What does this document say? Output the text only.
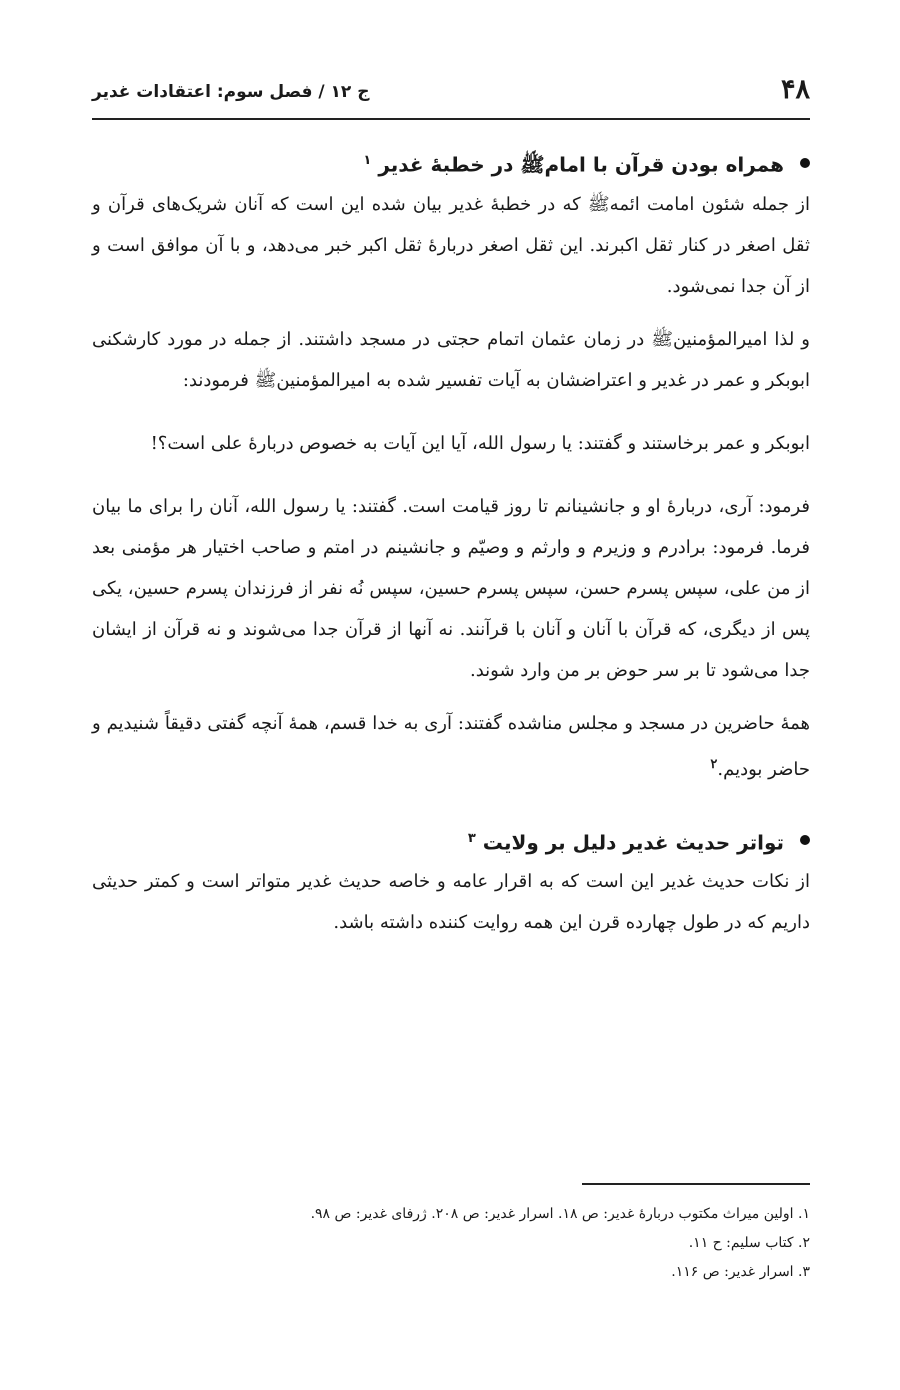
۴۸
ج ۱۲ / فصل سوم: اعتقادات غدیر
همراه بودن قرآن با امام‌ﷺ در خطبهٔ غدیر $^۱$

از جمله شئون امامت ائمه‌ﷺ که در خطبهٔ غدیر بیان شده این است که آنان شریک‌های قرآن و ثقل اصغر در کنار ثقل اکبرند. این ثقل اصغر دربارهٔ ثقل اکبر خبر می‌دهد، و با آن موافق است و از آن جدا نمی‌شود.

و لذا امیرالمؤمنین‌ﷺ در زمان عثمان اتمام حجتی در مسجد داشتند. از جمله در مورد کارشکنی ابوبکر و عمر در غدیر و اعتراضشان به آیات تفسیر شده به امیرالمؤمنین‌ﷺ فرمودند:

ابوبکر و عمر برخاستند و گفتند: یا رسول الله، آیا این آیات به خصوص دربارهٔ علی است؟!

فرمود: آری، دربارهٔ او و جانشینانم تا روز قیامت است. گفتند: یا رسول الله، آنان را برای ما بیان فرما. فرمود: برادرم و وزیرم و وارثم و وصیّم و جانشینم در امتم و صاحب اختیار هر مؤمنی بعد از من علی، سپس پسرم حسن، سپس پسرم حسین، سپس نُه نفر از فرزندان پسرم حسین، یکی پس از دیگری، که قرآن با آنان و آنان با قرآنند. نه آنها از قرآن جدا می‌شوند و نه قرآن از ایشان جدا می‌شود تا بر سر حوض بر من وارد شوند.

همهٔ حاضرین در مسجد و مجلس مناشده گفتند: آری به خدا قسم، همهٔ آنچه گفتی دقیقاً شنیدیم و حاضر بودیم.$^۲$

تواتر حدیث غدیر دلیل بر ولایت $^۳$

از نکات حدیث غدیر این است که به اقرار عامه و خاصه حدیث غدیر متواتر است و کمتر حدیثی داریم که در طول چهارده قرن این همه روایت کننده داشته باشد.

۱. اولین میراث مکتوب دربارهٔ غدیر: ص ۱۸. اسرار غدیر: ص ۲۰۸. ژرفای غدیر: ص ۹۸.
۲. کتاب سلیم: ح ۱۱.
۳. اسرار غدیر: ص ۱۱۶.
